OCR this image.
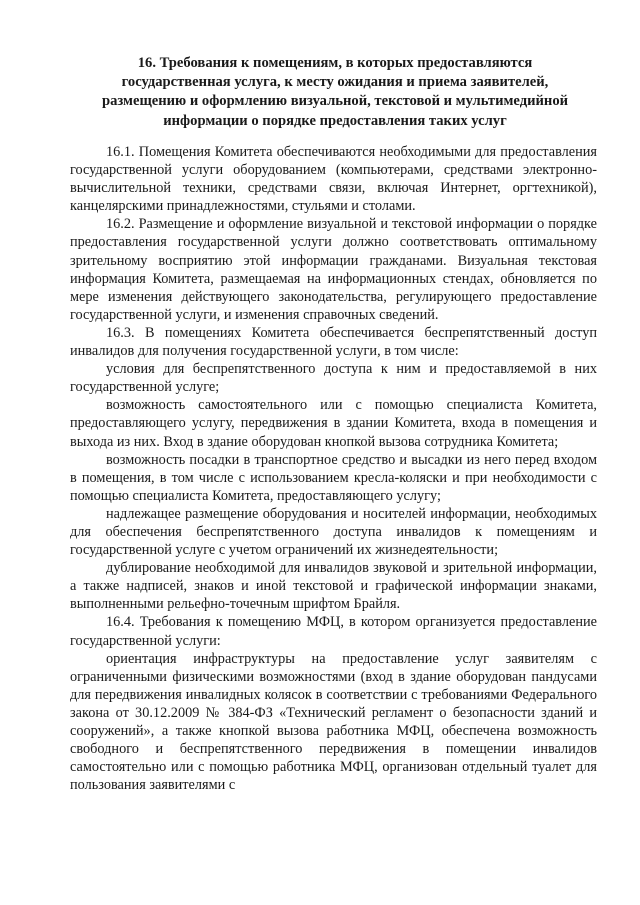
16. Требования к помещениям, в которых предоставляются
государственная услуга, к месту ожидания и приема заявителей,
размещению и оформлению визуальной, текстовой и мультимедийной
информации о порядке предоставления таких услуг

16.1. Помещения Комитета обеспечиваются необходимыми для предоставления государственной услуги оборудованием (компьютерами, средствами электронно-вычислительной техники, средствами связи, включая Интернет, оргтехникой), канцелярскими принадлежностями, стульями и столами.

16.2. Размещение и оформление визуальной и текстовой информации о порядке предоставления государственной услуги должно соответствовать оптимальному зрительному восприятию этой информации гражданами. Визуальная текстовая информация Комитета, размещаемая на информационных стендах, обновляется по мере изменения действующего законодательства, регулирующего предоставление государственной услуги, и изменения справочных сведений.

16.3. В помещениях Комитета обеспечивается беспрепятственный доступ инвалидов для получения государственной услуги, в том числе:

условия для беспрепятственного доступа к ним и предоставляемой в них государственной услуге;

возможность самостоятельного или с помощью специалиста Комитета, предоставляющего услугу, передвижения в здании Комитета, входа в помещения и выхода из них. Вход в здание оборудован кнопкой вызова сотрудника Комитета;

возможность посадки в транспортное средство и высадки из него перед входом в помещения, в том числе с использованием кресла-коляски и при необходимости с помощью специалиста Комитета, предоставляющего услугу;

надлежащее размещение оборудования и носителей информации, необходимых для обеспечения беспрепятственного доступа инвалидов к помещениям и государственной услуге с учетом ограничений их жизнедеятельности;

дублирование необходимой для инвалидов звуковой и зрительной информации, а также надписей, знаков и иной текстовой и графической информации знаками, выполненными рельефно-точечным шрифтом Брайля.

16.4. Требования к помещению МФЦ, в котором организуется предоставление государственной услуги:

ориентация инфраструктуры на предоставление услуг заявителям с ограниченными физическими возможностями (вход в здание оборудован пандусами для передвижения инвалидных колясок в соответствии с требованиями Федерального закона от 30.12.2009 № 384-ФЗ «Технический регламент о безопасности зданий и сооружений», а также кнопкой вызова работника МФЦ, обеспечена возможность свободного и беспрепятственного передвижения в помещении инвалидов самостоятельно или с помощью работника МФЦ, организован отдельный туалет для пользования заявителями с
